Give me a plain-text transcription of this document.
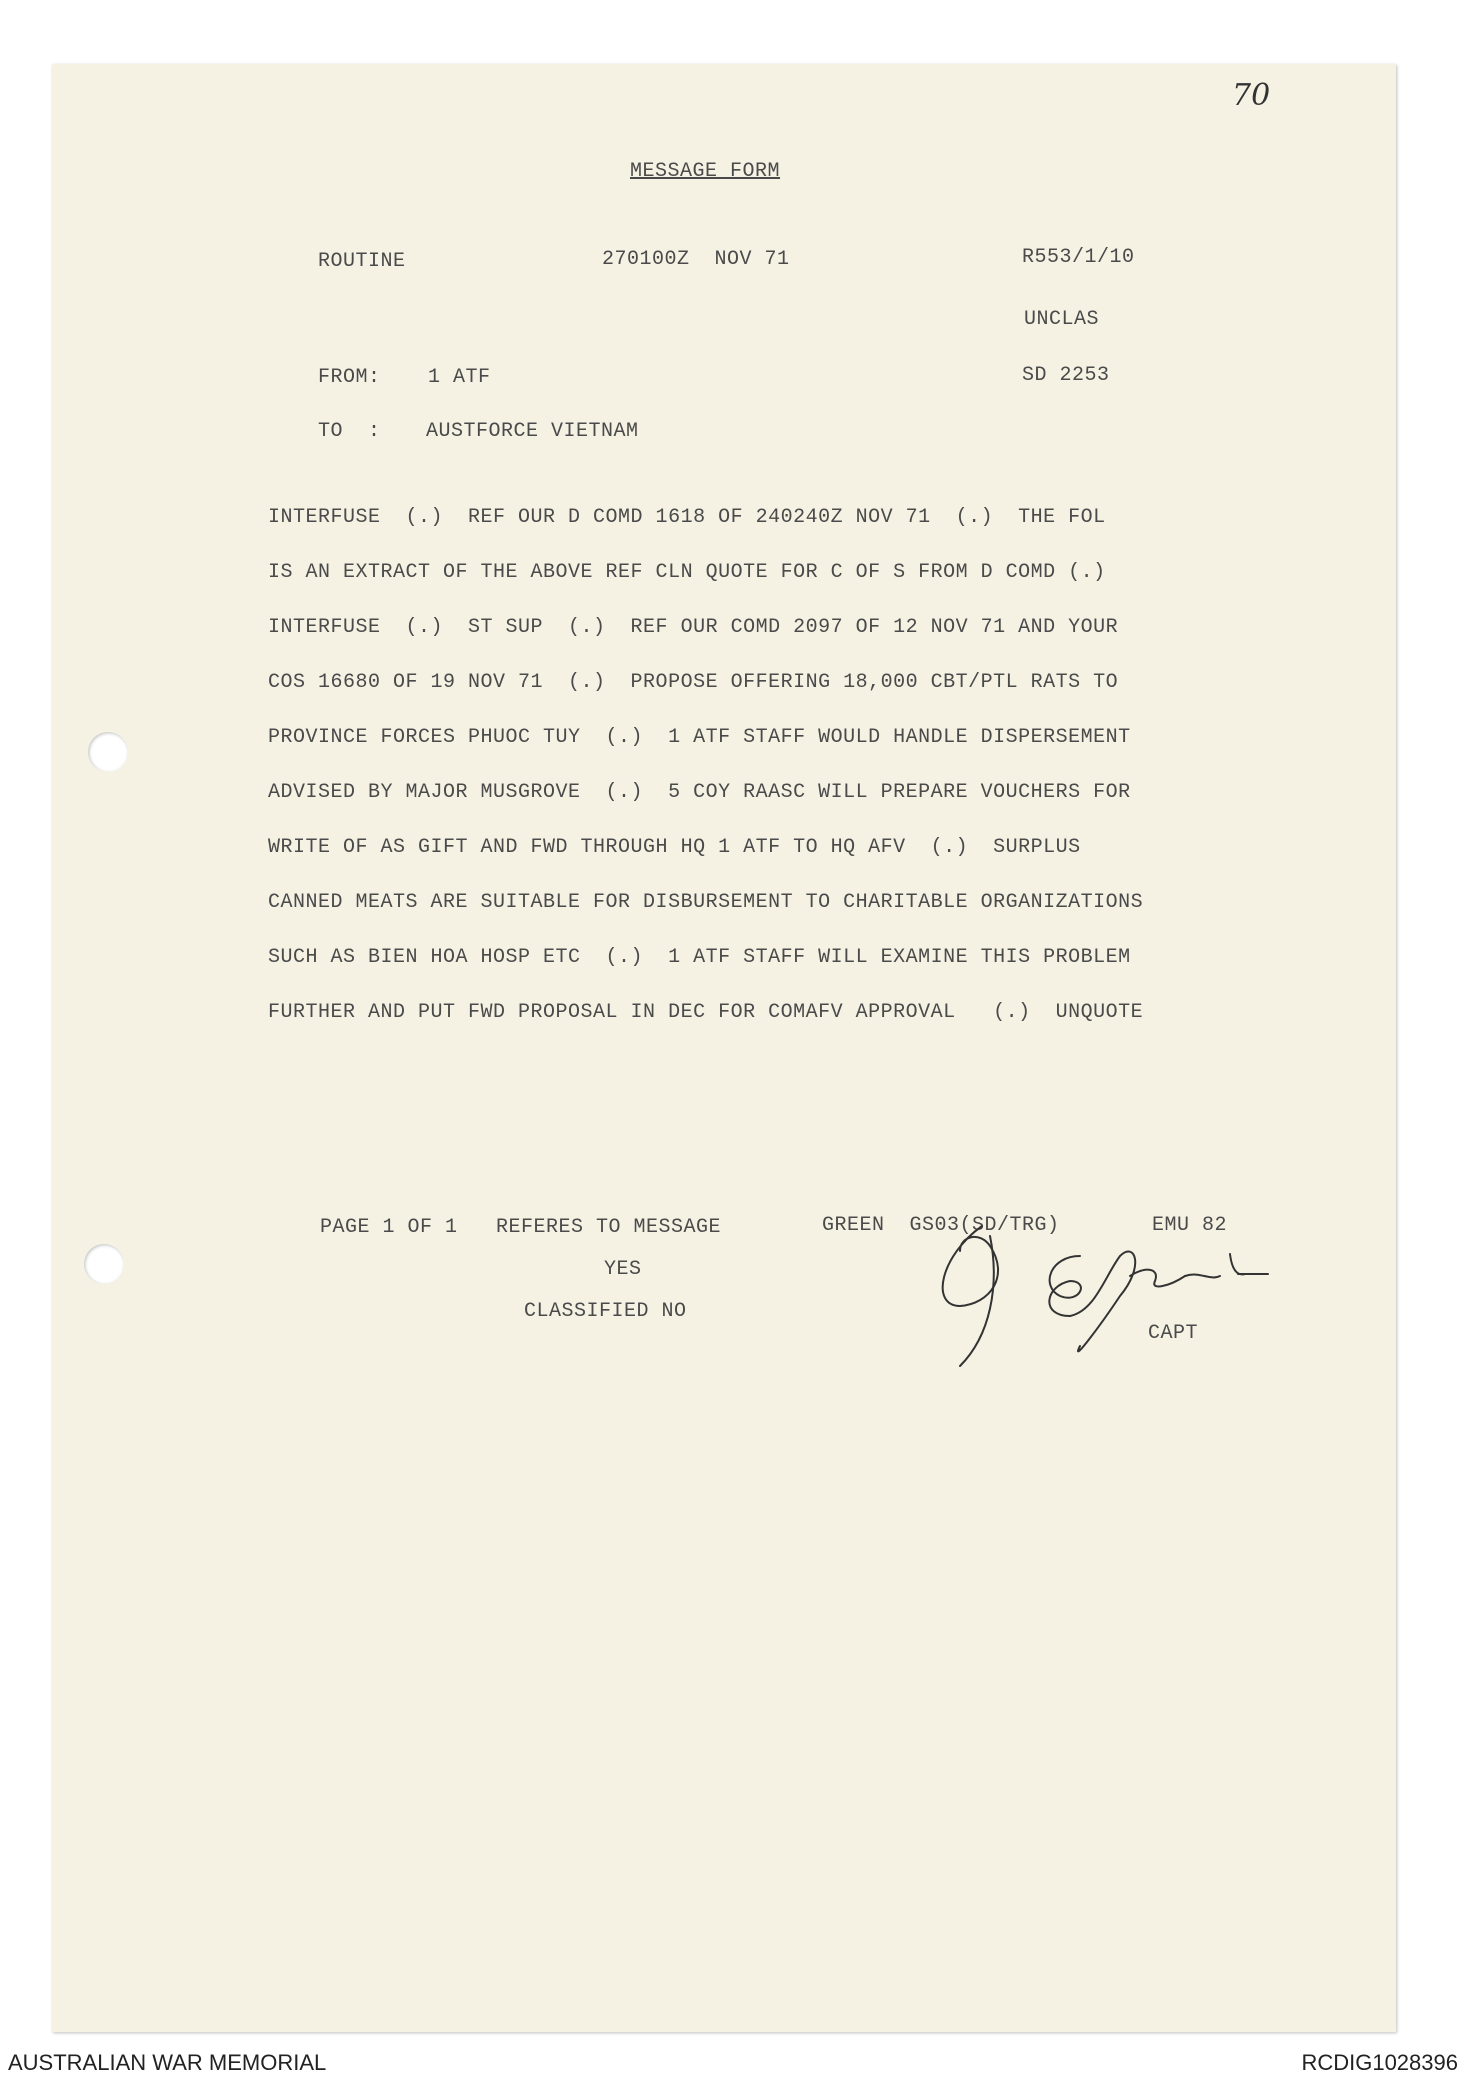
70
MESSAGE FORM
ROUTINE	270100Z  NOV 71	R553/1/10
UNCLAS
FROM: 1 ATF	SD 2253
TO  : AUSTFORCE VIETNAM
INTERFUSE  (.)  REF OUR D COMD 1618 OF 240240Z NOV 71  (.)  THE FOL
IS AN EXTRACT OF THE ABOVE REF CLN QUOTE FOR C OF S FROM D COMD (.)
INTERFUSE  (.)  ST SUP  (.)  REF OUR COMD 2097 OF 12 NOV 71 AND YOUR
COS 16680 OF 19 NOV 71  (.)  PROPOSE OFFERING 18,000 CBT/PTL RATS TO
PROVINCE FORCES PHUOC TUY  (.)  1 ATF STAFF WOULD HANDLE DISPERSEMENT
ADVISED BY MAJOR MUSGROVE  (.)  5 COY RAASC WILL PREPARE VOUCHERS FOR
WRITE OF AS GIFT AND FWD THROUGH HQ 1 ATF TO HQ AFV  (.)  SURPLUS
CANNED MEATS ARE SUITABLE FOR DISBURSEMENT TO CHARITABLE ORGANIZATIONS
SUCH AS BIEN HOA HOSP ETC  (.)  1 ATF STAFF WILL EXAMINE THIS PROBLEM
FURTHER AND PUT FWD PROPOSAL IN DEC FOR COMAFV APPROVAL   (.)  UNQUOTE
PAGE 1 OF 1 REFERES TO MESSAGE
YES
CLASSIFIED NO
GREEN  GS03(SD/TRG)	EMU 82
CAPT
AUSTRALIAN WAR MEMORIAL	RCDIG1028396
